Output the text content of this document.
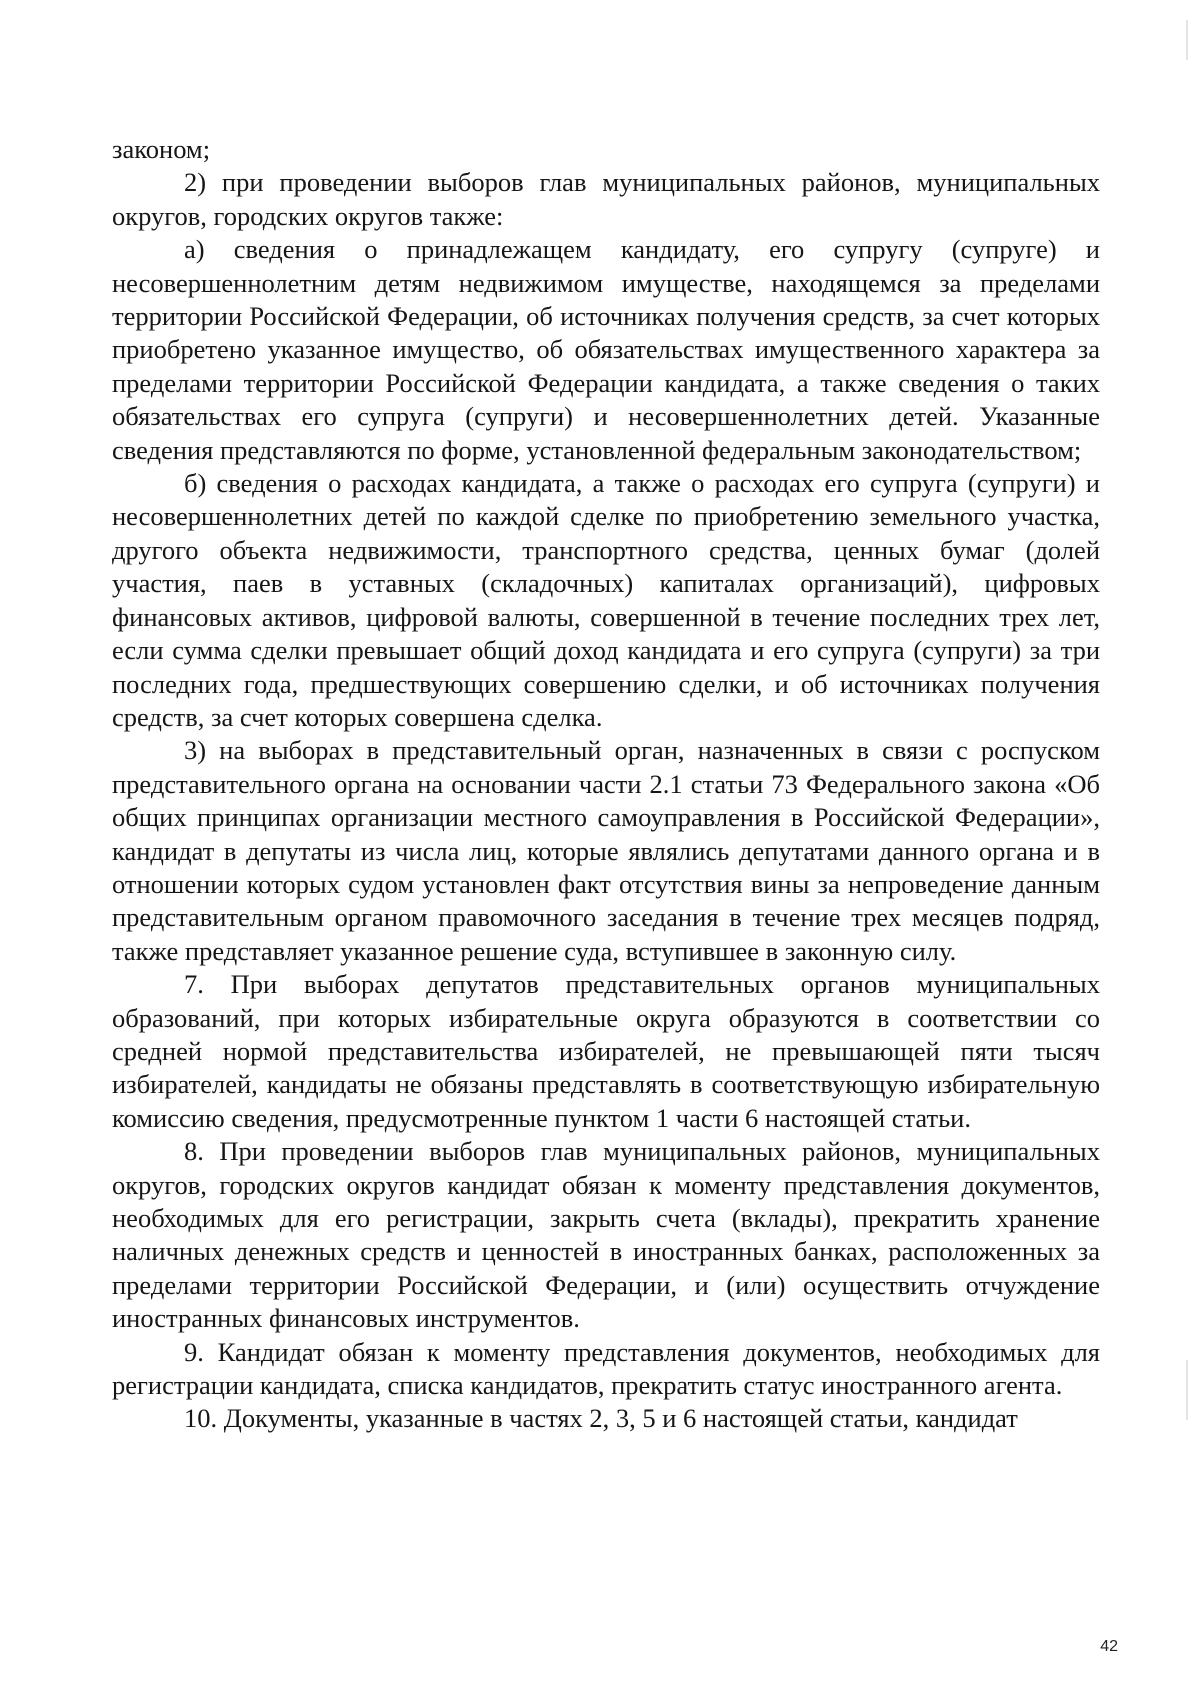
законом;

2) при проведении выборов глав муниципальных районов, муниципальных округов, городских округов также:

а) сведения о принадлежащем кандидату, его супругу (супруге) и несовершеннолетним детям недвижимом имуществе, находящемся за пределами территории Российской Федерации, об источниках получения средств, за счет которых приобретено указанное имущество, об обязательствах имущественного характера за пределами территории Российской Федерации кандидата, а также сведения о таких обязательствах его супруга (супруги) и несовершеннолетних детей. Указанные сведения представляются по форме, установленной федеральным законодательством;

б) сведения о расходах кандидата, а также о расходах его супруга (супруги) и несовершеннолетних детей по каждой сделке по приобретению земельного участка, другого объекта недвижимости, транспортного средства, ценных бумаг (долей участия, паев в уставных (складочных) капиталах организаций), цифровых финансовых активов, цифровой валюты, совершенной в течение последних трех лет, если сумма сделки превышает общий доход кандидата и его супруга (супруги) за три последних года, предшествующих совершению сделки, и об источниках получения средств, за счет которых совершена сделка.

3) на выборах в представительный орган, назначенных в связи с роспуском представительного органа на основании части 2.1 статьи 73 Федерального закона «Об общих принципах организации местного самоуправления в Российской Федерации», кандидат в депутаты из числа лиц, которые являлись депутатами данного органа и в отношении которых судом установлен факт отсутствия вины за непроведение данным представительным органом правомочного заседания в течение трех месяцев подряд, также представляет указанное решение суда, вступившее в законную силу.

7. При выборах депутатов представительных органов муниципальных образований, при которых избирательные округа образуются в соответствии со средней нормой представительства избирателей, не превышающей пяти тысяч избирателей, кандидаты не обязаны представлять в соответствующую избирательную комиссию сведения, предусмотренные пунктом 1 части 6 настоящей статьи.

8. При проведении выборов глав муниципальных районов, муниципальных округов, городских округов кандидат обязан к моменту представления документов, необходимых для его регистрации, закрыть счета (вклады), прекратить хранение наличных денежных средств и ценностей в иностранных банках, расположенных за пределами территории Российской Федерации, и (или) осуществить отчуждение иностранных финансовых инструментов.

9. Кандидат обязан к моменту представления документов, необходимых для регистрации кандидата, списка кандидатов, прекратить статус иностранного агента.

10. Документы, указанные в частях 2, 3, 5 и 6 настоящей статьи, кандидат

42
